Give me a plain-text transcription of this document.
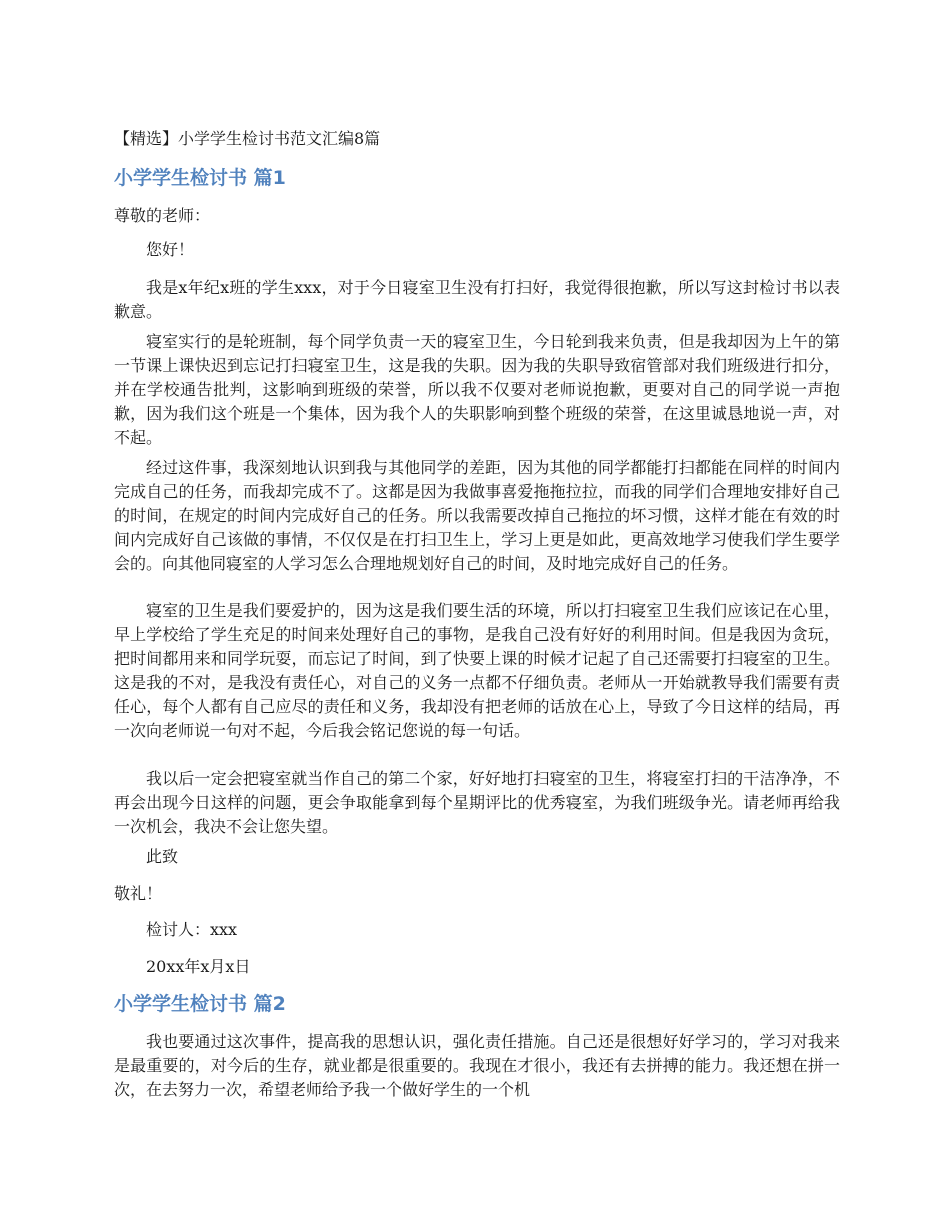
【精选】小学学生检讨书范文汇编8篇
小学学生检讨书 篇1

尊敬的老师：

您好！

我是x年纪x班的学生xxx，对于今日寝室卫生没有打扫好，我觉得很抱歉，所以写这封检讨书以表歉意。

寝室实行的是轮班制，每个同学负责一天的寝室卫生，今日轮到我来负责，但是我却因为上午的第一节课上课快迟到忘记打扫寝室卫生，这是我的失职。因为我的失职导致宿管部对我们班级进行扣分，并在学校通告批判，这影响到班级的荣誉，所以我不仅要对老师说抱歉，更要对自己的同学说一声抱歉，因为我们这个班是一个集体，因为我个人的失职影响到整个班级的荣誉，在这里诚恳地说一声，对不起。

经过这件事，我深刻地认识到我与其他同学的差距，因为其他的同学都能打扫都能在同样的时间内完成自己的任务，而我却完成不了。这都是因为我做事喜爱拖拖拉拉，而我的同学们合理地安排好自己的时间，在规定的时间内完成好自己的任务。所以我需要改掉自己拖拉的坏习惯，这样才能在有效的时间内完成好自己该做的事情，不仅仅是在打扫卫生上，学习上更是如此，更高效地学习使我们学生要学会的。向其他同寝室的人学习怎么合理地规划好自己的时间，及时地完成好自己的任务。

寝室的卫生是我们要爱护的，因为这是我们要生活的环境，所以打扫寝室卫生我们应该记在心里，早上学校给了学生充足的时间来处理好自己的事物，是我自己没有好好的利用时间。但是我因为贪玩，把时间都用来和同学玩耍，而忘记了时间，到了快要上课的时候才记起了自己还需要打扫寝室的卫生。这是我的不对，是我没有责任心，对自己的义务一点都不仔细负责。老师从一开始就教导我们需要有责任心，每个人都有自己应尽的责任和义务，我却没有把老师的话放在心上，导致了今日这样的结局，再一次向老师说一句对不起，今后我会铭记您说的每一句话。

我以后一定会把寝室就当作自己的第二个家，好好地打扫寝室的卫生，将寝室打扫的干洁净净，不再会出现今日这样的问题，更会争取能拿到每个星期评比的优秀寝室，为我们班级争光。请老师再给我一次机会，我决不会让您失望。

此致

敬礼！

检讨人：xxx

20xx年x月x日

小学学生检讨书 篇2

我也要通过这次事件，提高我的思想认识，强化责任措施。自己还是很想好好学习的，学习对我来是最重要的，对今后的生存，就业都是很重要的。我现在才很小，我还有去拼搏的能力。我还想在拼一次，在去努力一次，希望老师给予我一个做好学生的一个机
